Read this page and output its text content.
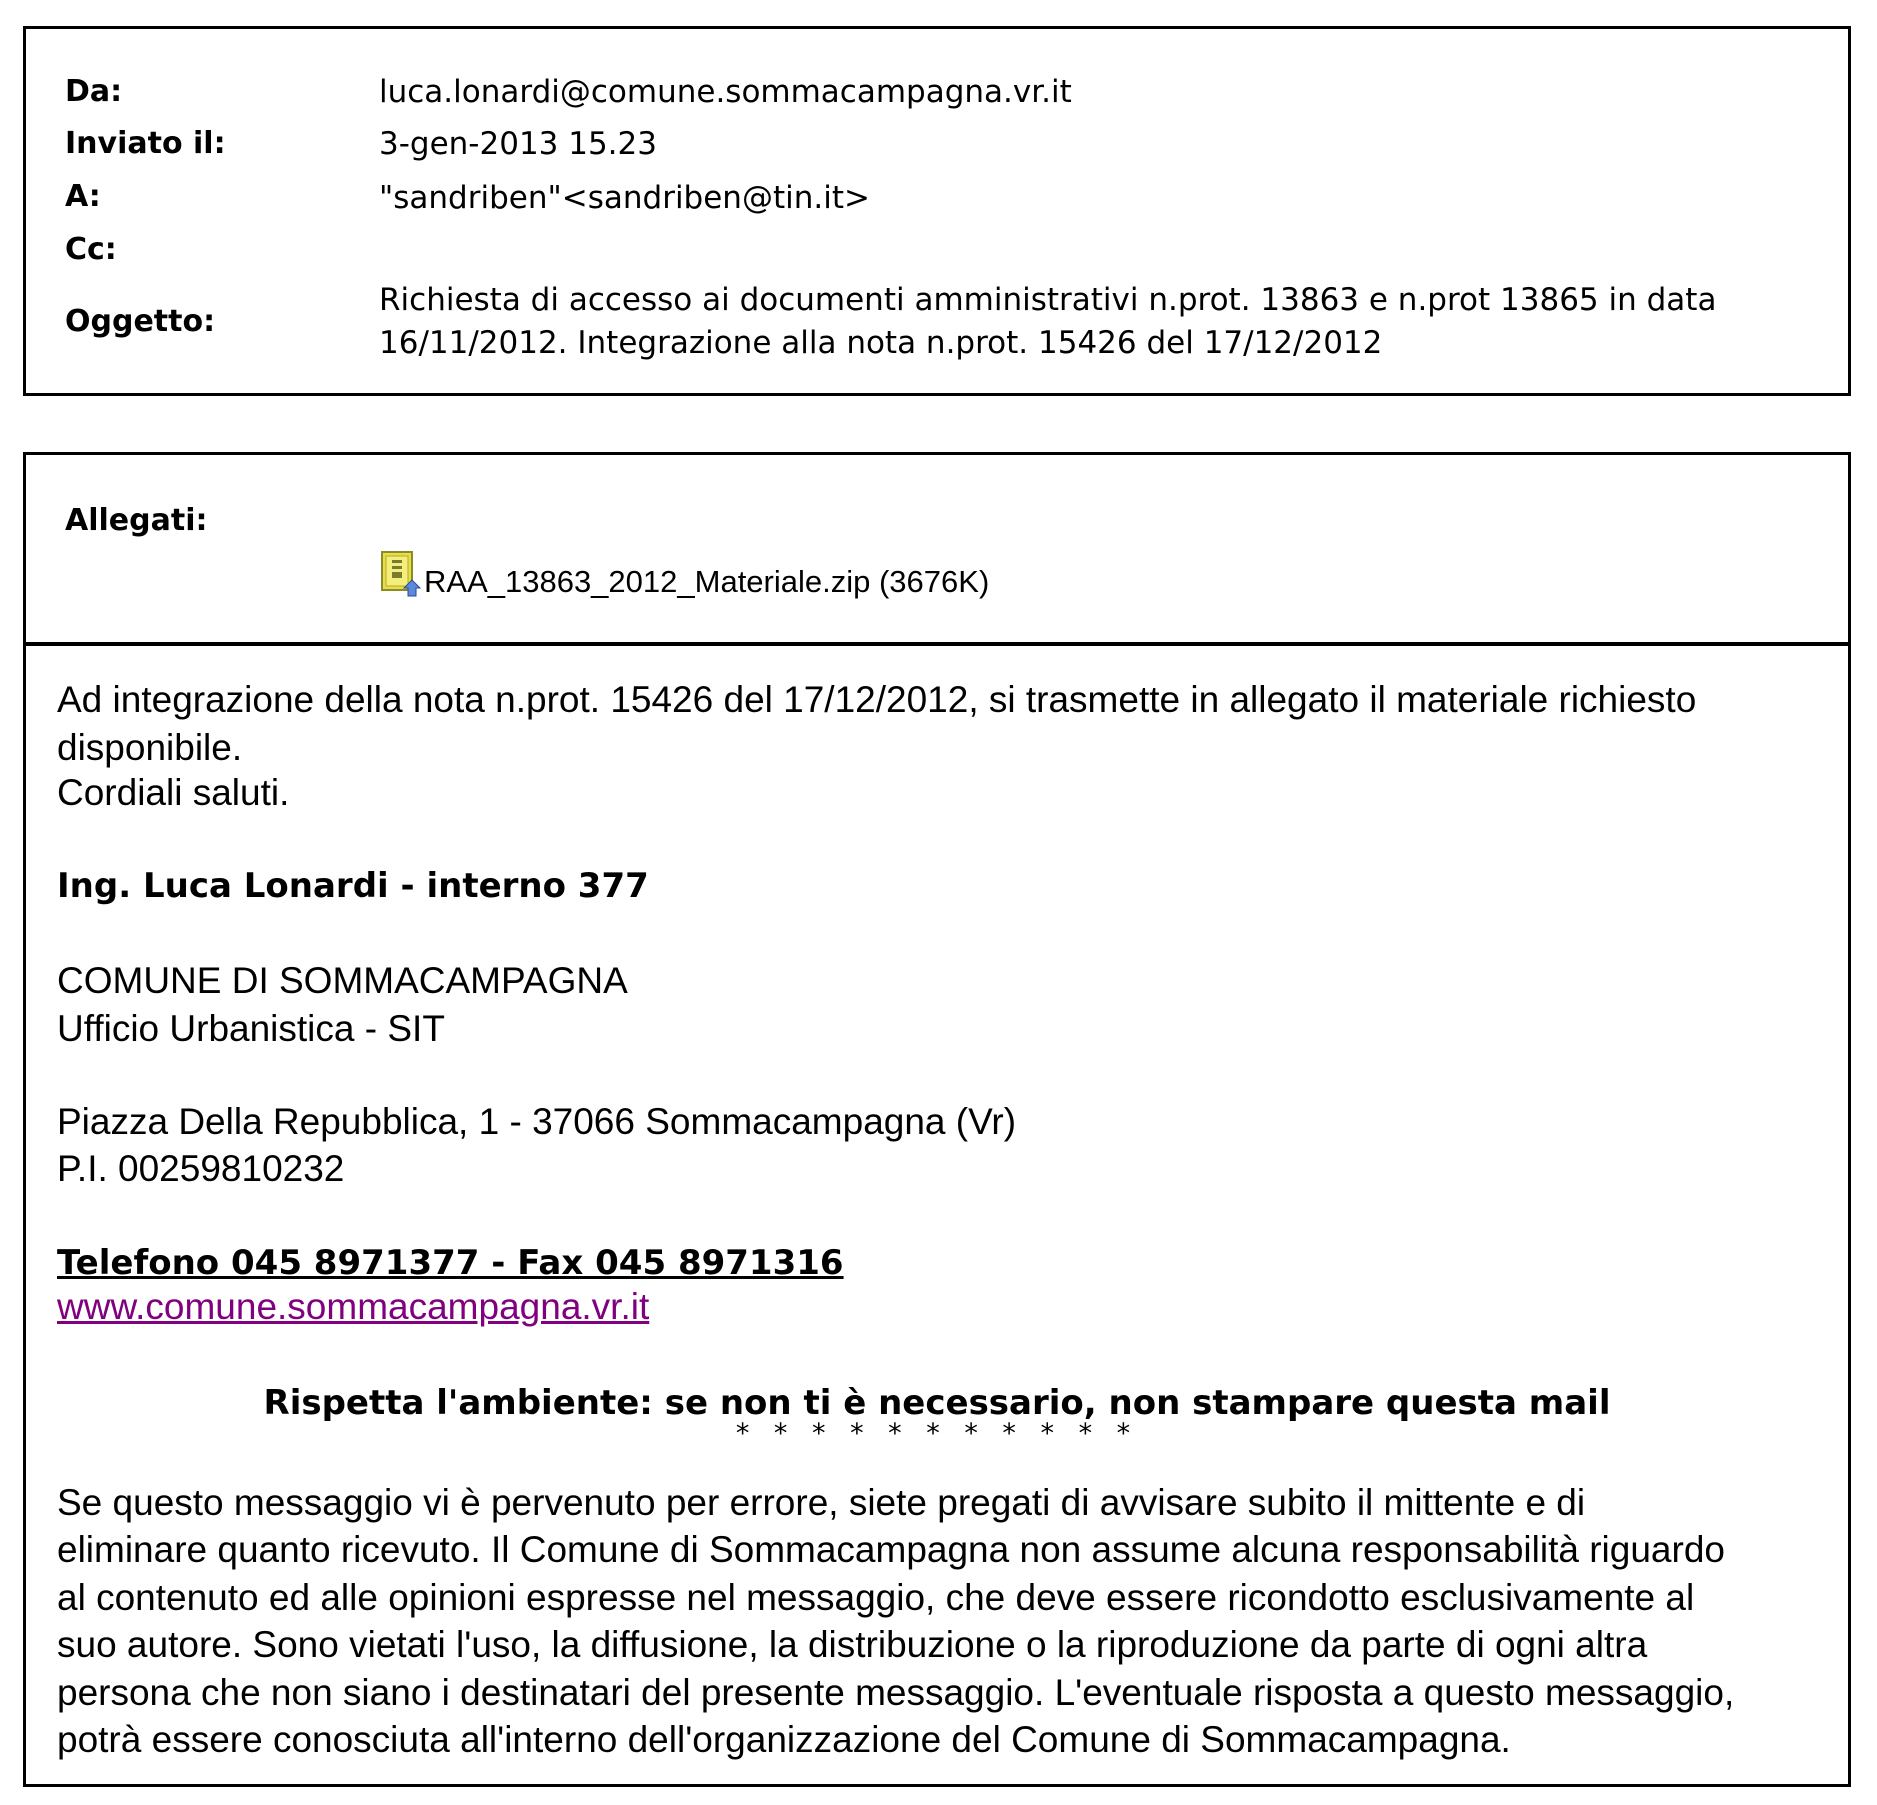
Da:	luca.lonardi@comune.sommacampagna.vr.it
Inviato il:	3-gen-2013 15.23
A:	"sandriben"<sandriben@tin.it>
Cc:
Oggetto:
Richiesta di accesso ai documenti amministrativi n.prot. 13863 e n.prot 13865 in data
16/11/2012. Integrazione alla nota n.prot. 15426 del 17/12/2012
Allegati:
RAA_13863_2012_Materiale.zip (3676K)
Ad integrazione della nota n.prot. 15426 del 17/12/2012, si trasmette in allegato il materiale richiesto
disponibile.
Cordiali saluti.
Ing. Luca Lonardi - interno 377
COMUNE DI SOMMACAMPAGNA
Ufficio Urbanistica - SIT
Piazza Della Repubblica, 1 - 37066 Sommacampagna (Vr)
P.I. 00259810232
Telefono 045 8971377 - Fax 045 8971316
www.comune.sommacampagna.vr.it
Rispetta l'ambiente: se non ti è necessario, non stampare questa mail
* * * * * * * * * * *
Se questo messaggio vi è pervenuto per errore, siete pregati di avvisare subito il mittente e di
eliminare quanto ricevuto. Il Comune di Sommacampagna non assume alcuna responsabilità riguardo
al contenuto ed alle opinioni espresse nel messaggio, che deve essere ricondotto esclusivamente al
suo autore. Sono vietati l'uso, la diffusione, la distribuzione o la riproduzione da parte di ogni altra
persona che non siano i destinatari del presente messaggio. L'eventuale risposta a questo messaggio,
potrà essere conosciuta all'interno dell'organizzazione del Comune di Sommacampagna.
